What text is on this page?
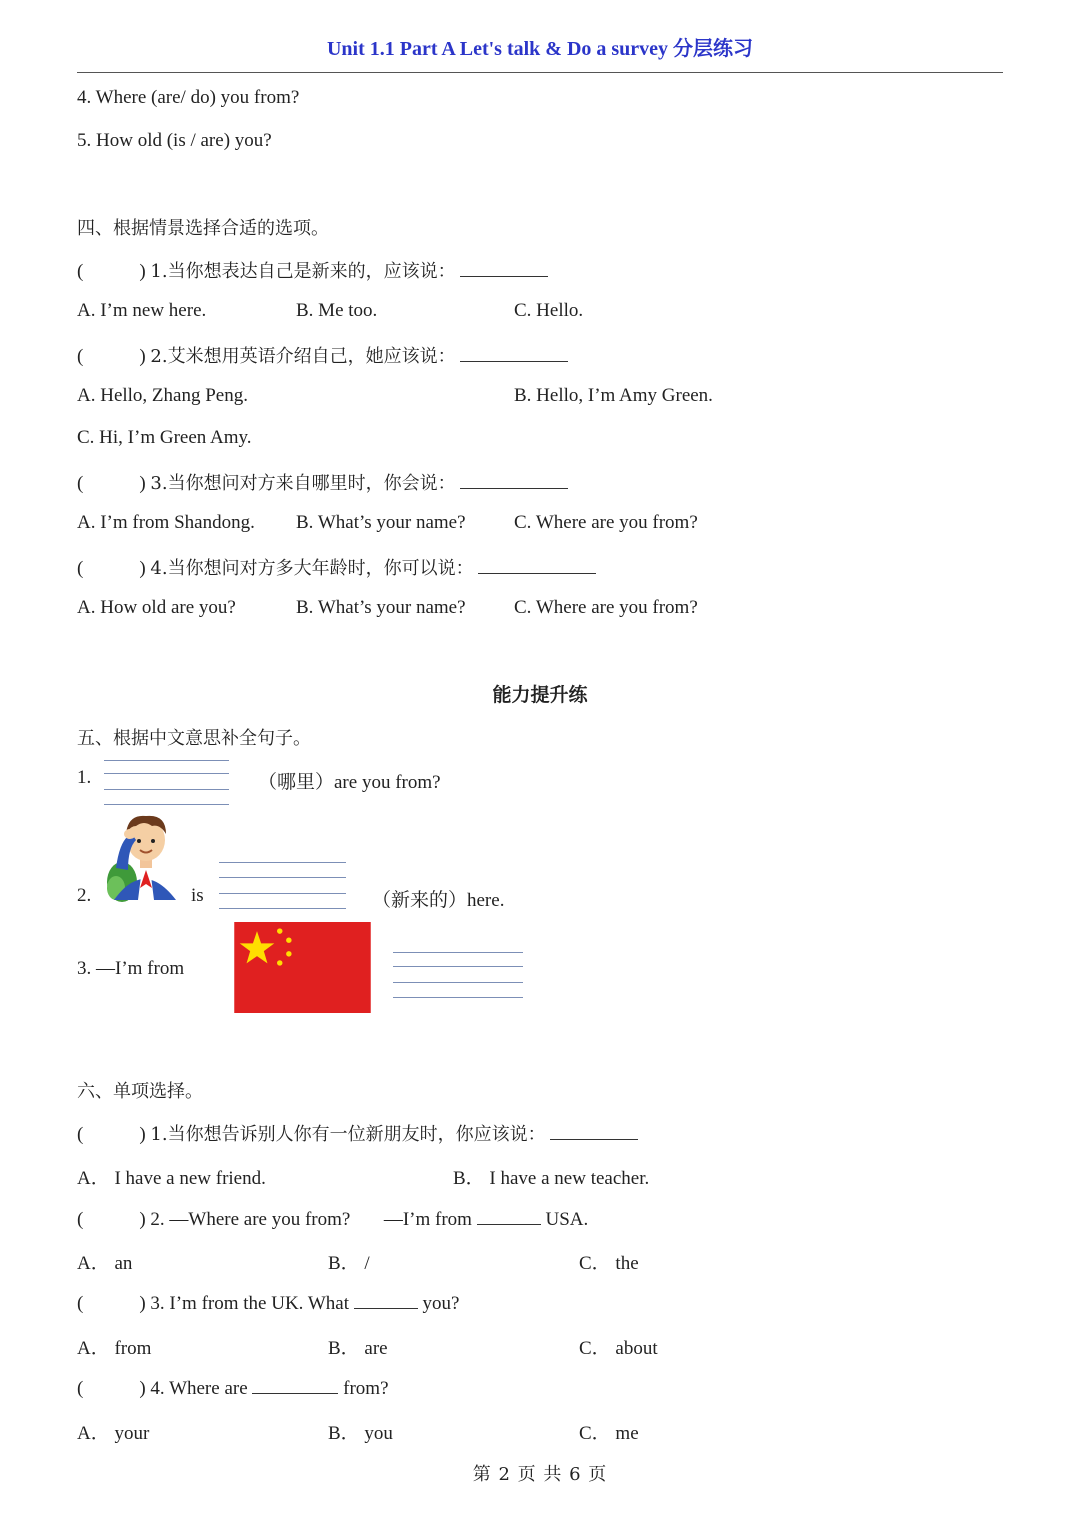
Unit 1.1 Part A Let's talk & Do a survey 分层练习
4. Where (are/ do) you from?
5. How old (is / are) you?
四、根据情景选择合适的选项。
(	) 1.当你想表达自己是新来的，应该说：
A. I’m new here.	B. Me too.	C. Hello.
(	) 2.艾米想用英语介绍自己，她应该说：
A. Hello, Zhang Peng.	B. Hello, I’m Amy Green.
C. Hi, I’m Green Amy.
(	) 3.当你想问对方来自哪里时，你会说：
A. I’m from Shandong. B. What’s your name?	C. Where are you from?
(	) 4.当你想问对方多大年龄时，你可以说：
A. How old are you?	B. What’s your name?	C. Where are you from?
能力提升练
五、根据中文意思补全句子。
1.	（哪里）are you from?
2.	is	（新来的）here.
3. —I’m from
六、单项选择。
(	) 1.当你想告诉别人你有一位新朋友时，你应该说：
A． I have a new friend.	B． I have a new teacher.
(	) 2. —Where are you from? —I’m from	USA.
A． an	B． /	C． the
(	) 3. I’m from the UK. What	you?
A． from	B． are	C． about
(	) 4. Where are	from?
A． your	B． you	C． me
第 2 页 共 6 页
